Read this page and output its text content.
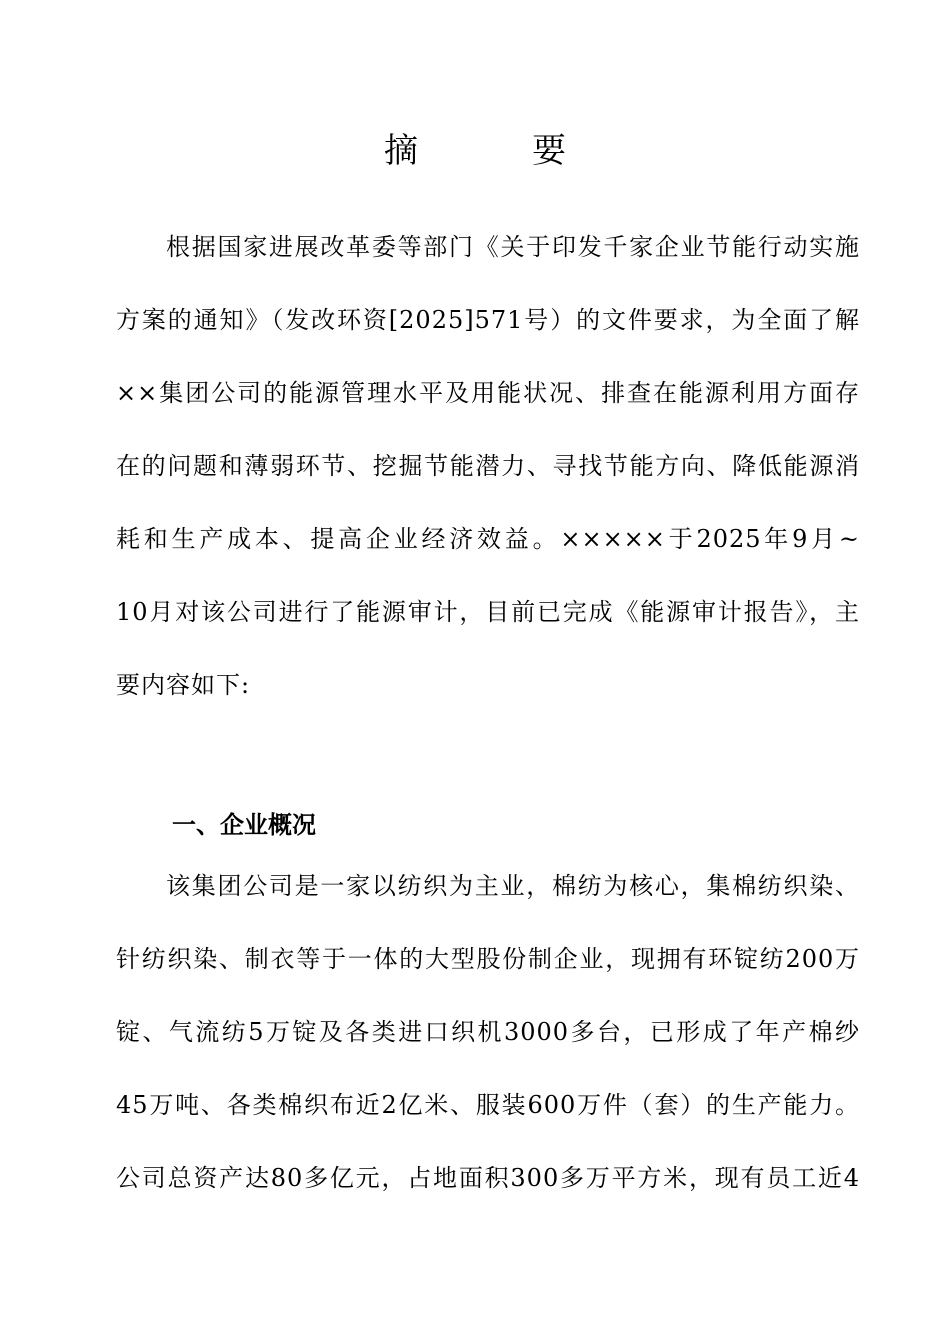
摘　要
根据国家进展改革委等部门《关于印发千家企业节能行动实施
方案的通知》（发改环资[2025]571号）的文件要求，为全面了解
××集团公司的能源管理水平及用能状况、排查在能源利用方面存
在的问题和薄弱环节、挖掘节能潜力、寻找节能方向、降低能源消
耗和生产成本、提高企业经济效益。×××××于2025年9月~
10月对该公司进行了能源审计，目前已完成《能源审计报告》，主
要内容如下:
一、企业概况
该集团公司是一家以纺织为主业，棉纺为核心，集棉纺织染、
针纺织染、制衣等于一体的大型股份制企业，现拥有环锭纺200万
锭、气流纺5万锭及各类进口织机3000多台，已形成了年产棉纱
45万吨、各类棉织布近2亿米、服装600万件（套）的生产能力。
公司总资产达80多亿元，占地面积300多万平方米，现有员工近4
